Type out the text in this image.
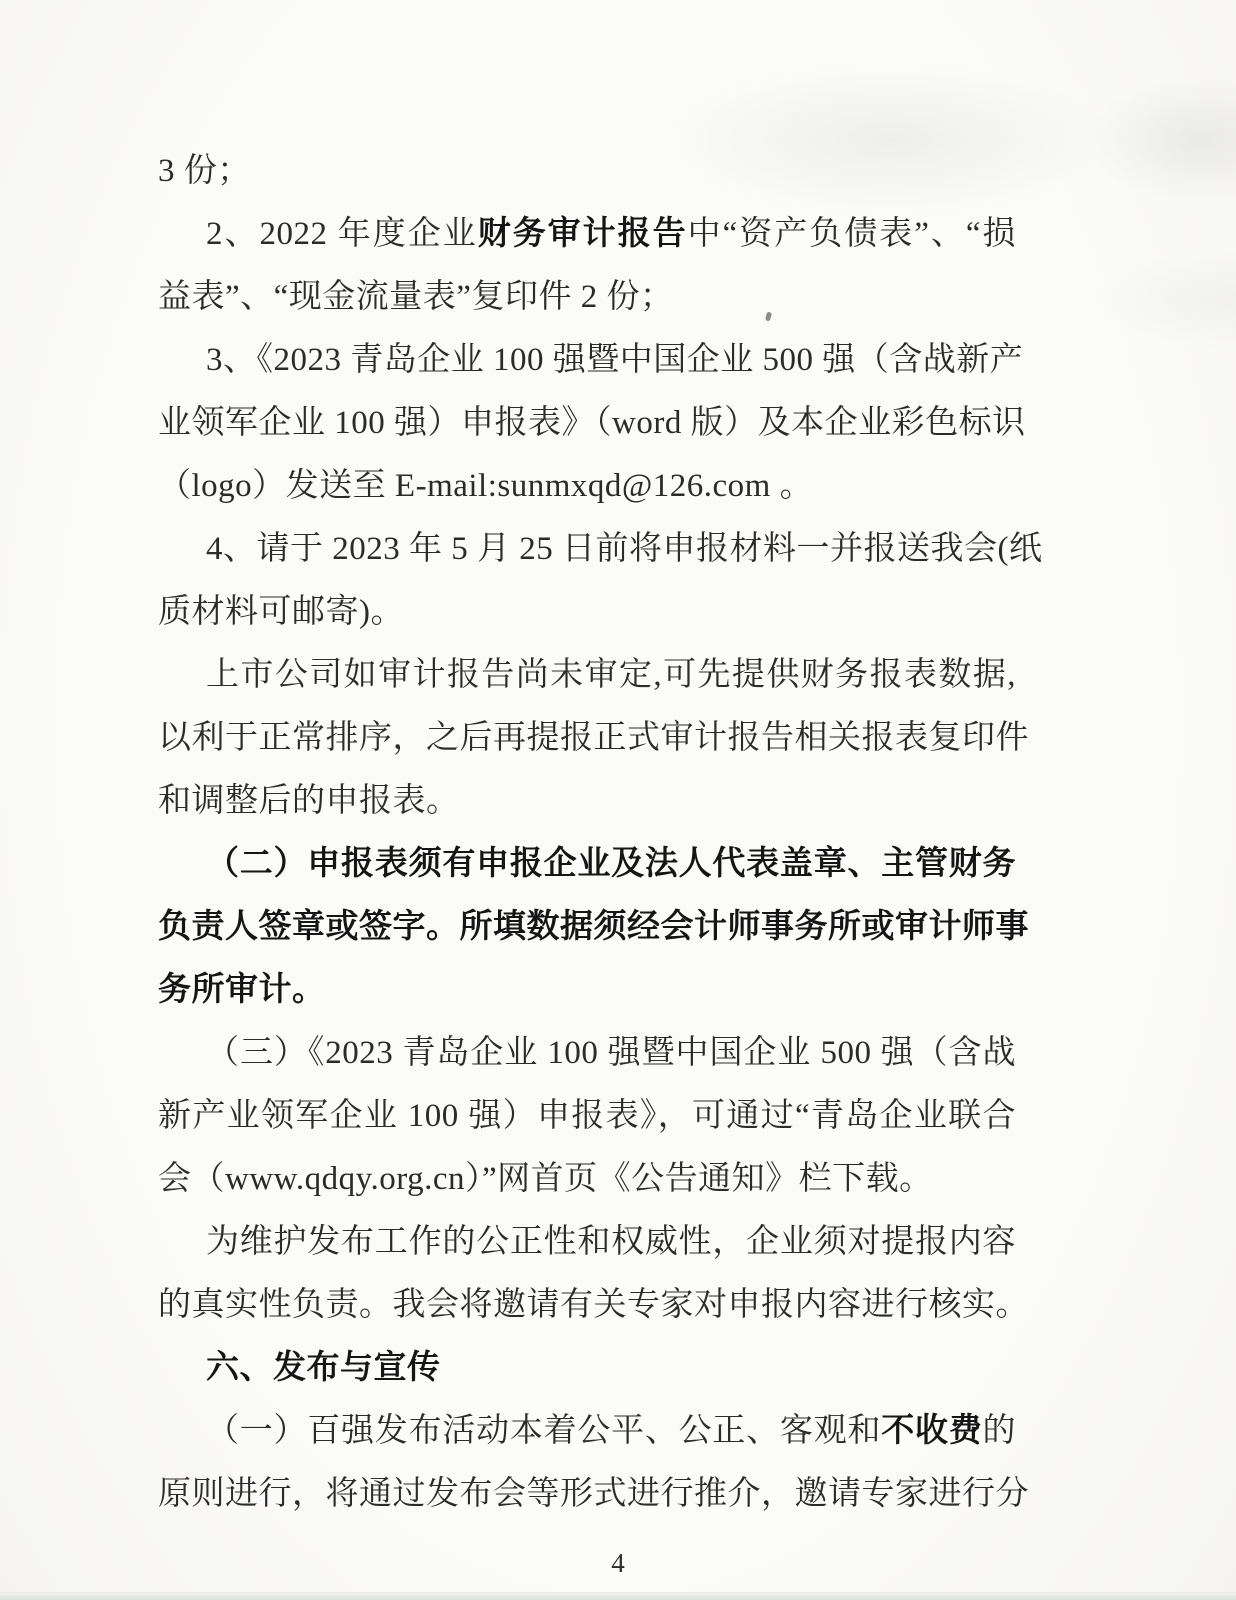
3 份；
2、2022 年度企业财务审计报告中“资产负债表”、“损
益表”、“现金流量表”复印件 2 份；
3、《2023 青岛企业 100 强暨中国企业 500 强（含战新产
业领军企业 100 强）申报表》（word 版）及本企业彩色标识
（logo）发送至 E-mail:sunmxqd@126.com 。
4、请于 2023 年 5 月 25 日前将申报材料一并报送我会(纸
质材料可邮寄)。
上市公司如审计报告尚未审定,可先提供财务报表数据,
以利于正常排序，之后再提报正式审计报告相关报表复印件
和调整后的申报表。
（二）申报表须有申报企业及法人代表盖章、主管财务
负责人签章或签字。所填数据须经会计师事务所或审计师事
务所审计。
（三）《2023 青岛企业 100 强暨中国企业 500 强（含战
新产业领军企业 100 强）申报表》，可通过“青岛企业联合
会（www.qdqy.org.cn）”网首页《公告通知》栏下载。
为维护发布工作的公正性和权威性，企业须对提报内容
的真实性负责。我会将邀请有关专家对申报内容进行核实。
六、发布与宣传
（一）百强发布活动本着公平、公正、客观和不收费的
原则进行，将通过发布会等形式进行推介，邀请专家进行分
4
